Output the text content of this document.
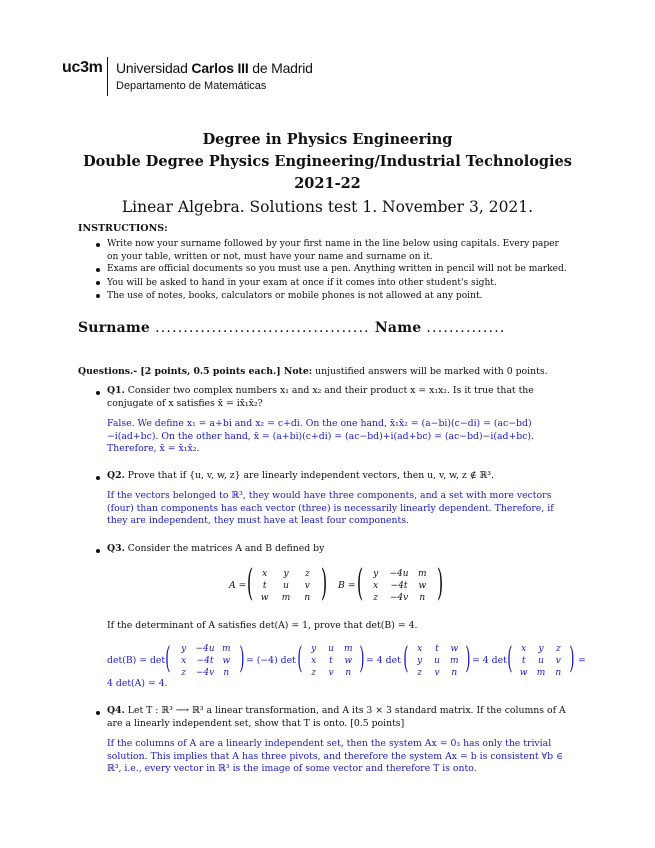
uc3m Universidad Carlos III de Madrid
Departamento de Matemáticas
Degree in Physics Engineering
Double Degree Physics Engineering/Industrial Technologies
2021-22
Linear Algebra. Solutions test 1. November 3, 2021.
INSTRUCTIONS:
Write now your surname followed by your first name in the line below using capitals. Every paper on your table, written or not, must have your name and surname on it.
Exams are official documents so you must use a pen. Anything written in pencil will not be marked.
You will be asked to hand in your exam at once if it comes into other student's sight.
The use of notes, books, calculators or mobile phones is not allowed at any point.
Surname ...................................... Name ..............
Questions.- [2 points, 0.5 points each.] Note: unjustified answers will be marked with 0 points.
Q1. Consider two complex numbers x₁ and x₂ and their product x = x₁x₂. Is it true that the conjugate of x satisfies x̄ = ix̄₁x̄₂?
False. We define x₁ = a+bi and x₂ = c+di. On the one hand, x̄₁x̄₂ = (a−bi)(c−di) = (ac−bd)−i(ad+bc). On the other hand, x̄ = (a+bi)(c+di) = (ac−bd)+i(ad+bc) = (ac−bd)−i(ad+bc). Therefore, x̄ = x̄₁x̄₂.
Q2. Prove that if {u, v, w, z} are linearly independent vectors, then u, v, w, z ∉ ℝ³.
If the vectors belonged to ℝ³, they would have three components, and a set with more vectors (four) than components has each vector (three) is necessarily linearly dependent. Therefore, if they are independent, they must have at least four components.
Q3. Consider the matrices A and B defined by
A = ( )
x	y	z
t	u	v
w	m	n
B = ( )
y	−4u	m
x	−4t	w
z	−4v	n
If the determinant of A satisfies det(A) = 1, prove that det(B) = 4.
det(B) = det ( )
y	−4u m
x	−4t	w
z	−4v	n
= (−4) det ( )
y	u	m
x	t	w
z	v	n
= 4 det ( )
x	t	w
y	u	m
z	v	n
= 4 det ( )
x	y	z
t	u	v
w	m	n
=
4 det(A) = 4.
Q4. Let T : ℝ³ ⟶ ℝ³ a linear transformation, and A its 3 × 3 standard matrix. If the columns of A are a linearly independent set, show that T is onto. [0.5 points]
If the columns of A are a linearly independent set, then the system Ax = 0₃ has only the trivial solution. This implies that A has three pivots, and therefore the system Ax = b is consistent ∀b ∈ ℝ³, i.e., every vector in ℝ³ is the image of some vector and therefore T is onto.
